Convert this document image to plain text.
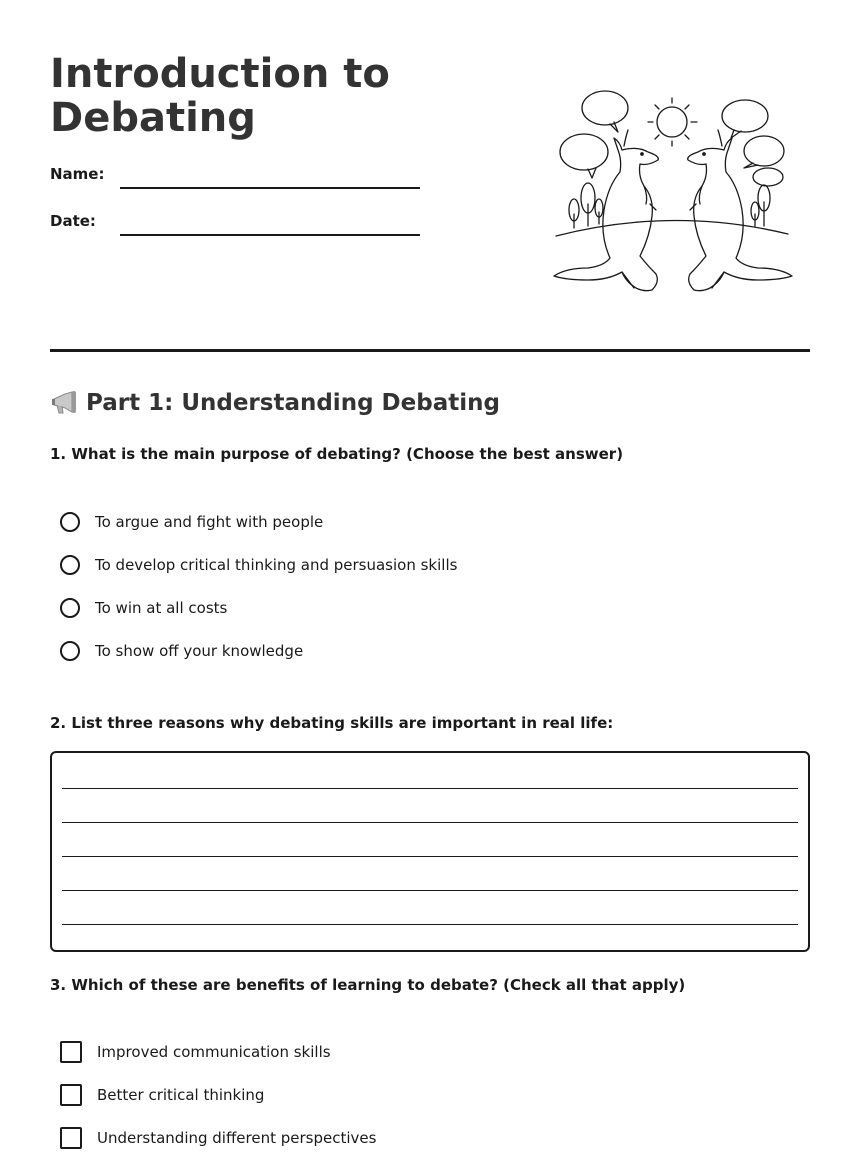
Introduction to Debating
Name:
Date:
Part 1: Understanding Debating
1. What is the main purpose of debating? (Choose the best answer)
To argue and fight with people
To develop critical thinking and persuasion skills
To win at all costs
To show off your knowledge
2. List three reasons why debating skills are important in real life:
3. Which of these are benefits of learning to debate? (Check all that apply)
Improved communication skills
Better critical thinking
Understanding different perspectives
